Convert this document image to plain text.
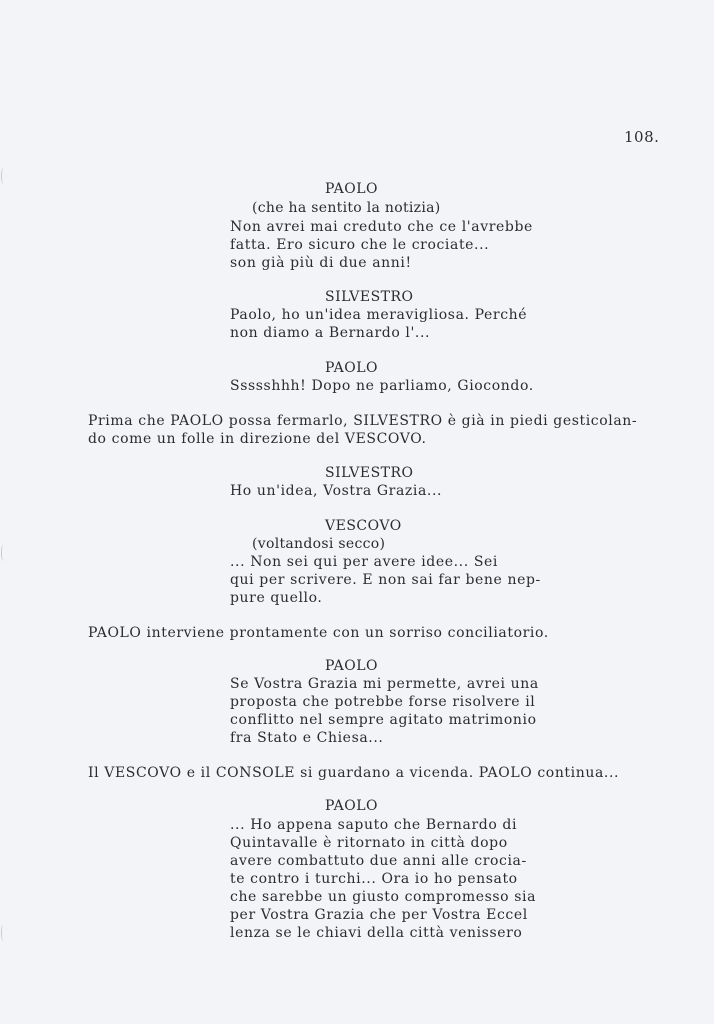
108.
PAOLO
(che ha sentito la notizia)
Non avrei mai creduto che ce l'avrebbe
fatta. Ero sicuro che le crociate...
son già più di due anni!
SILVESTRO
Paolo, ho un'idea meravigliosa. Perché
non diamo a Bernardo l'...
PAOLO
Ssssshhh! Dopo ne parliamo, Giocondo.
Prima che PAOLO possa fermarlo, SILVESTRO è già in piedi gesticolan-
do come un folle in direzione del VESCOVO.
SILVESTRO
Ho un'idea, Vostra Grazia...
VESCOVO
(voltandosi secco)
... Non sei qui per avere idee... Sei
qui per scrivere. E non sai far bene nep-
pure quello.
PAOLO interviene prontamente con un sorriso conciliatorio.
PAOLO
Se Vostra Grazia mi permette, avrei una
proposta che potrebbe forse risolvere il
conflitto nel sempre agitato matrimonio
fra Stato e Chiesa...
Il VESCOVO e il CONSOLE si guardano a vicenda. PAOLO continua...
PAOLO
... Ho appena saputo che Bernardo di
Quintavalle è ritornato in città dopo
avere combattuto due anni alle crocia-
te contro i turchi... Ora io ho pensato
che sarebbe un giusto compromesso sia
per Vostra Grazia che per Vostra Eccel
lenza se le chiavi della città venissero
